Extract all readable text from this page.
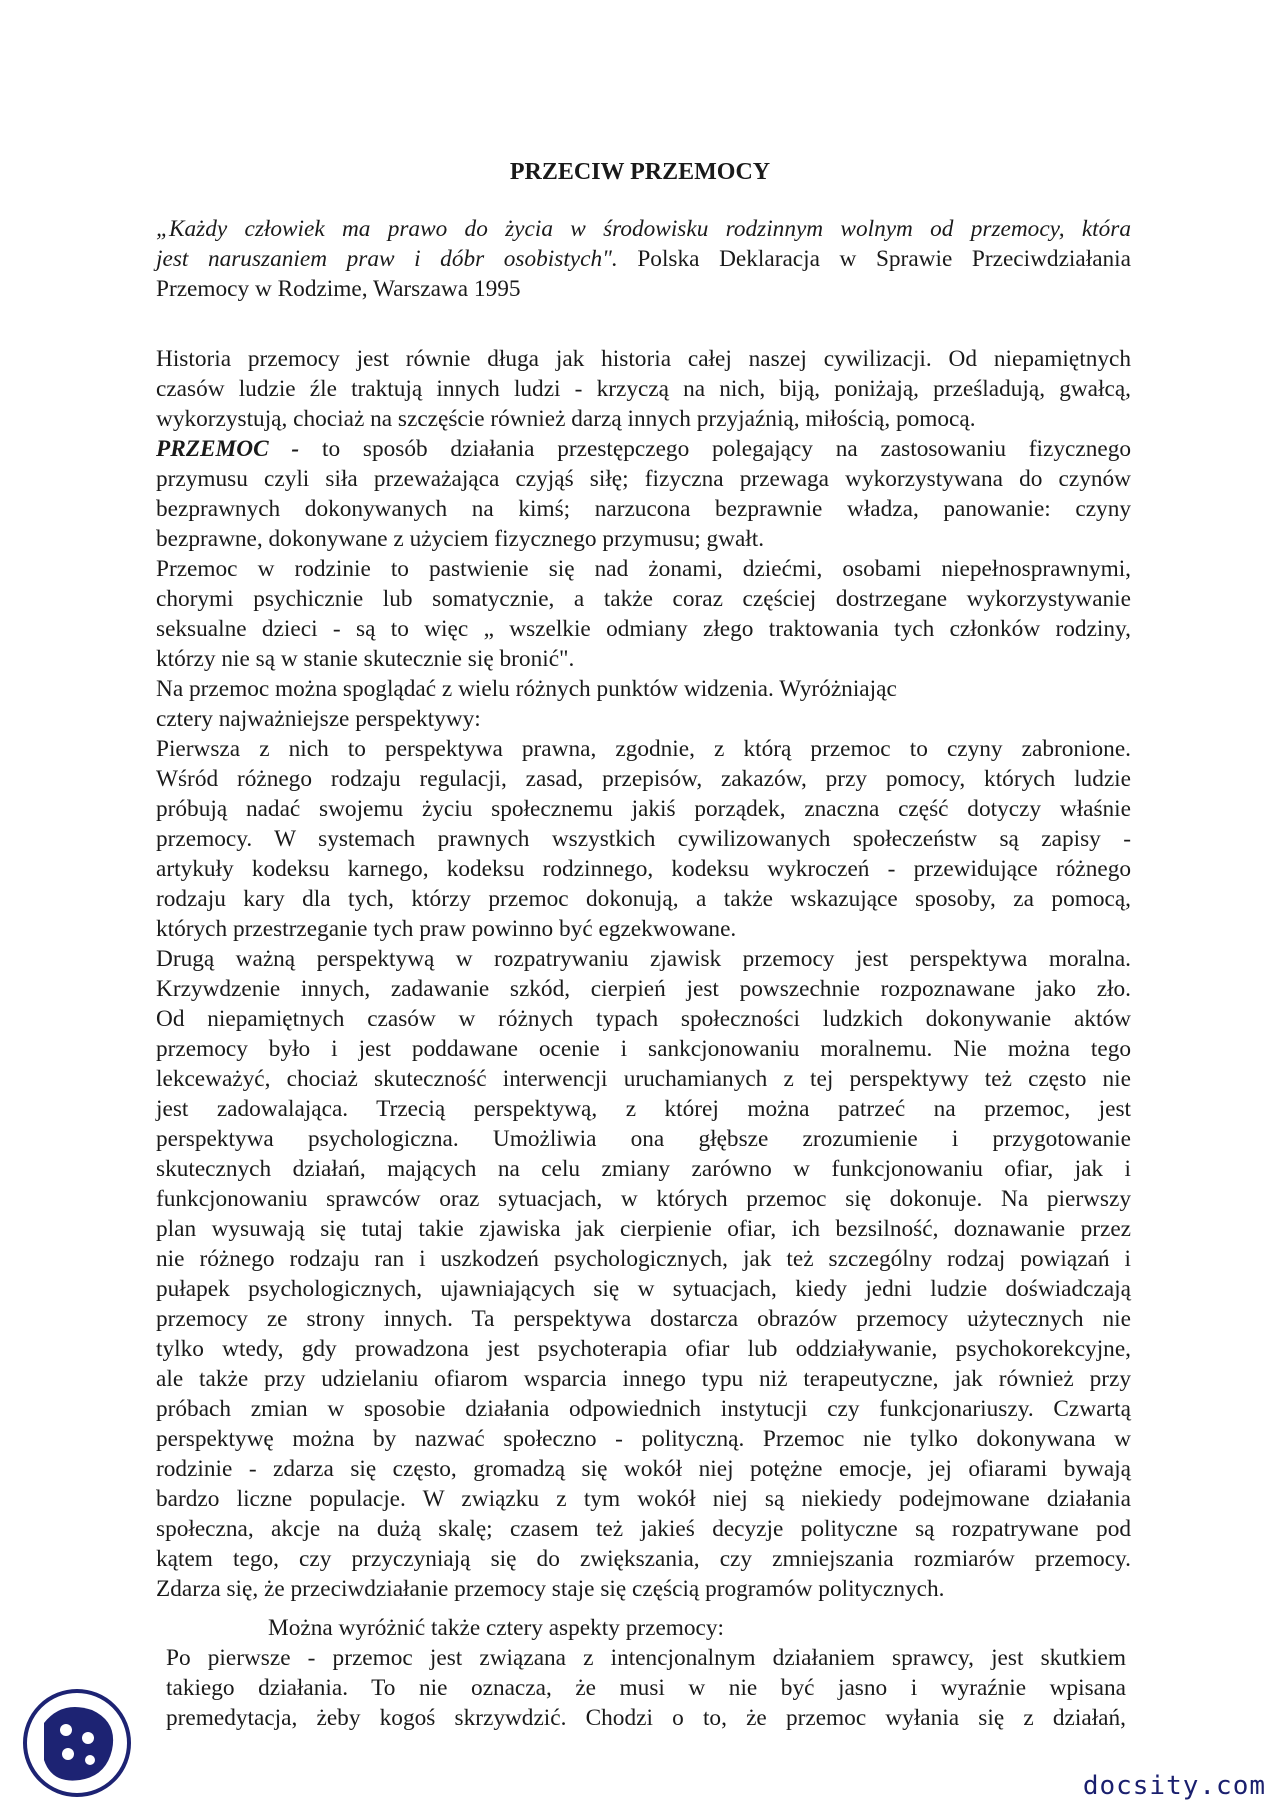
PRZECIW PRZEMOCY
„Każdy człowiek ma prawo do życia w środowisku rodzinnym wolnym od przemocy, która
jest naruszaniem praw i dóbr osobistych". Polska Deklaracja w Sprawie Przeciwdziałania
Przemocy w Rodzime, Warszawa 1995
Historia przemocy jest równie długa jak historia całej naszej cywilizacji. Od niepamiętnych
czasów ludzie źle traktują innych ludzi - krzyczą na nich, biją, poniżają, prześladują, gwałcą,
wykorzystują, chociaż na szczęście również darzą innych przyjaźnią, miłością, pomocą.
PRZEMOC - to sposób działania przestępczego polegający na zastosowaniu fizycznego
przymusu czyli siła przeważająca czyjąś siłę; fizyczna przewaga wykorzystywana do czynów
bezprawnych dokonywanych na kimś; narzucona bezprawnie władza, panowanie: czyny
bezprawne, dokonywane z użyciem fizycznego przymusu; gwałt.
Przemoc w rodzinie to pastwienie się nad żonami, dziećmi, osobami niepełnosprawnymi,
chorymi psychicznie lub somatycznie, a także coraz częściej dostrzegane wykorzystywanie
seksualne dzieci - są to więc „ wszelkie odmiany złego traktowania tych członków rodziny,
którzy nie są w stanie skutecznie się bronić".
Na przemoc można spoglądać z wielu różnych punktów widzenia. Wyróżniając
cztery najważniejsze perspektywy:
Pierwsza z nich to perspektywa prawna, zgodnie, z którą przemoc to czyny zabronione.
Wśród różnego rodzaju regulacji, zasad, przepisów, zakazów, przy pomocy, których ludzie
próbują nadać swojemu życiu społecznemu jakiś porządek, znaczna część dotyczy właśnie
przemocy. W systemach prawnych wszystkich cywilizowanych społeczeństw są zapisy -
artykuły kodeksu karnego, kodeksu rodzinnego, kodeksu wykroczeń - przewidujące różnego
rodzaju kary dla tych, którzy przemoc dokonują, a także wskazujące sposoby, za pomocą,
których przestrzeganie tych praw powinno być egzekwowane.
Drugą ważną perspektywą w rozpatrywaniu zjawisk przemocy jest perspektywa moralna.
Krzywdzenie innych, zadawanie szkód, cierpień jest powszechnie rozpoznawane jako zło.
Od niepamiętnych czasów w różnych typach społeczności ludzkich dokonywanie aktów
przemocy było i jest poddawane ocenie i sankcjonowaniu moralnemu. Nie można tego
lekceważyć, chociaż skuteczność interwencji uruchamianych z tej perspektywy też często nie
jest zadowalająca. Trzecią perspektywą, z której można patrzeć na przemoc, jest
perspektywa psychologiczna. Umożliwia ona głębsze zrozumienie i przygotowanie
skutecznych działań, mających na celu zmiany zarówno w funkcjonowaniu ofiar, jak i
funkcjonowaniu sprawców oraz sytuacjach, w których przemoc się dokonuje. Na pierwszy
plan wysuwają się tutaj takie zjawiska jak cierpienie ofiar, ich bezsilność, doznawanie przez
nie różnego rodzaju ran i uszkodzeń psychologicznych, jak też szczególny rodzaj powiązań i
pułapek psychologicznych, ujawniających się w sytuacjach, kiedy jedni ludzie doświadczają
przemocy ze strony innych. Ta perspektywa dostarcza obrazów przemocy użytecznych nie
tylko wtedy, gdy prowadzona jest psychoterapia ofiar lub oddziaływanie, psychokorekcyjne,
ale także przy udzielaniu ofiarom wsparcia innego typu niż terapeutyczne, jak również przy
próbach zmian w sposobie działania odpowiednich instytucji czy funkcjonariuszy. Czwartą
perspektywę można by nazwać społeczno - polityczną. Przemoc nie tylko dokonywana w
rodzinie - zdarza się często, gromadzą się wokół niej potężne emocje, jej ofiarami bywają
bardzo liczne populacje. W związku z tym wokół niej są niekiedy podejmowane działania
społeczna, akcje na dużą skalę; czasem też jakieś decyzje polityczne są rozpatrywane pod
kątem tego, czy przyczyniają się do zwiększania, czy zmniejszania rozmiarów przemocy.
Zdarza się, że przeciwdziałanie przemocy staje się częścią programów politycznych.
Można wyróżnić także cztery aspekty przemocy:
Po pierwsze - przemoc jest związana z intencjonalnym działaniem sprawcy, jest skutkiem
takiego działania. To nie oznacza, że musi w nie być jasno i wyraźnie wpisana
premedytacja, żeby kogoś skrzywdzić. Chodzi o to, że przemoc wyłania się z działań,
docsity.com
